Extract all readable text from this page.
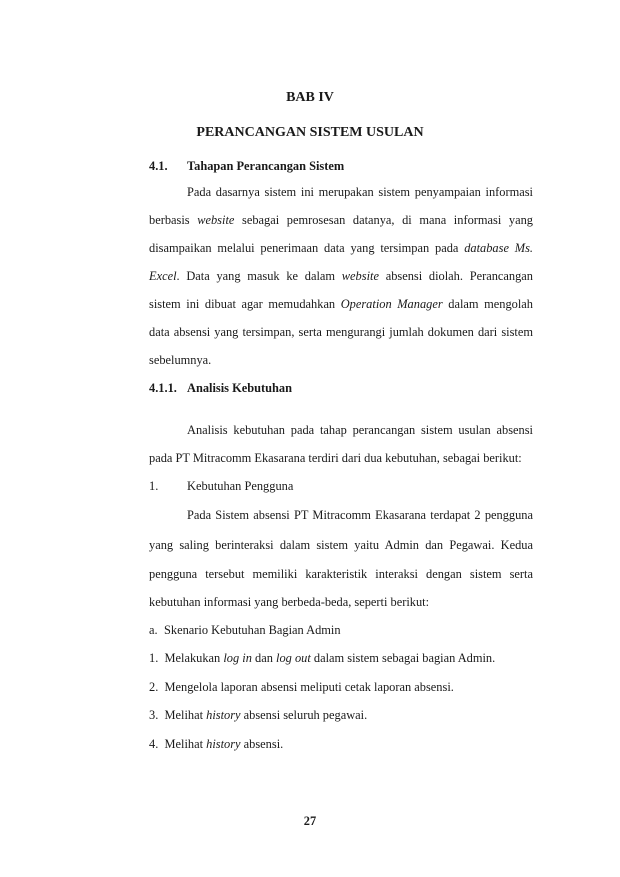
BAB IV
PERANCANGAN SISTEM USULAN
4.1. Tahapan Perancangan Sistem
Pada dasarnya sistem ini merupakan sistem penyampaian informasi
berbasis website sebagai pemrosesan datanya, di mana informasi yang
disampaikan melalui penerimaan data yang tersimpan pada database Ms.
Excel. Data yang masuk ke dalam website absensi diolah. Perancangan
sistem ini dibuat agar memudahkan Operation Manager dalam mengolah
data absensi yang tersimpan, serta mengurangi jumlah dokumen dari sistem
sebelumnya.
4.1.1. Analisis Kebutuhan
Analisis kebutuhan pada tahap perancangan sistem usulan absensi
pada PT Mitracomm Ekasarana terdiri dari dua kebutuhan, sebagai berikut:
1. Kebutuhan Pengguna
Pada Sistem absensi PT Mitracomm Ekasarana terdapat 2 pengguna
yang saling berinteraksi dalam sistem yaitu Admin dan Pegawai. Kedua
pengguna tersebut memiliki karakteristik interaksi dengan sistem serta
kebutuhan informasi yang berbeda-beda, seperti berikut:
a. Skenario Kebutuhan Bagian Admin
1. Melakukan log in dan log out dalam sistem sebagai bagian Admin.
2. Mengelola laporan absensi meliputi cetak laporan absensi.
3. Melihat history absensi seluruh pegawai.
4. Melihat history absensi.
27
